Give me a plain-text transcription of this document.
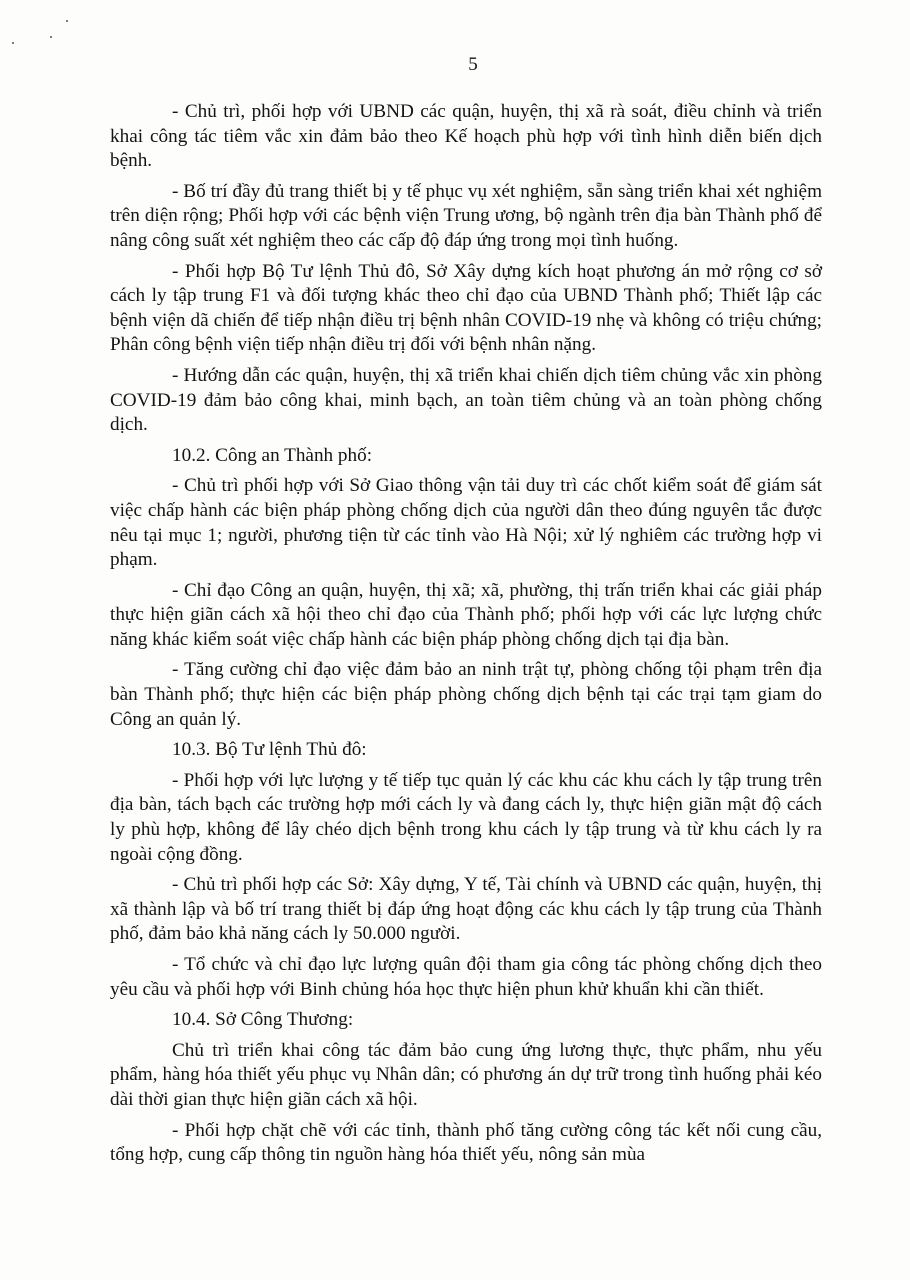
5

- Chủ trì, phối hợp với UBND các quận, huyện, thị xã rà soát, điều chỉnh và triển khai công tác tiêm vắc xin đảm bảo theo Kế hoạch phù hợp với tình hình diễn biến dịch bệnh.

- Bố trí đầy đủ trang thiết bị y tế phục vụ xét nghiệm, sẵn sàng triển khai xét nghiệm trên diện rộng; Phối hợp với các bệnh viện Trung ương, bộ ngành trên địa bàn Thành phố để nâng công suất xét nghiệm theo các cấp độ đáp ứng trong mọi tình huống.

- Phối hợp Bộ Tư lệnh Thủ đô, Sở Xây dựng kích hoạt phương án mở rộng cơ sở cách ly tập trung F1 và đối tượng khác theo chỉ đạo của UBND Thành phố; Thiết lập các bệnh viện dã chiến để tiếp nhận điều trị bệnh nhân COVID-19 nhẹ và không có triệu chứng; Phân công bệnh viện tiếp nhận điều trị đối với bệnh nhân nặng.

- Hướng dẫn các quận, huyện, thị xã triển khai chiến dịch tiêm chủng vắc xin phòng COVID-19 đảm bảo công khai, minh bạch, an toàn tiêm chủng và an toàn phòng chống dịch.

10.2. Công an Thành phố:

- Chủ trì phối hợp với Sở Giao thông vận tải duy trì các chốt kiểm soát để giám sát việc chấp hành các biện pháp phòng chống dịch của người dân theo đúng nguyên tắc được nêu tại mục 1; người, phương tiện từ các tỉnh vào Hà Nội; xử lý nghiêm các trường hợp vi phạm.

- Chỉ đạo Công an quận, huyện, thị xã; xã, phường, thị trấn triển khai các giải pháp thực hiện giãn cách xã hội theo chỉ đạo của Thành phố; phối hợp với các lực lượng chức năng khác kiểm soát việc chấp hành các biện pháp phòng chống dịch tại địa bàn.

- Tăng cường chỉ đạo việc đảm bảo an ninh trật tự, phòng chống tội phạm trên địa bàn Thành phố; thực hiện các biện pháp phòng chống dịch bệnh tại các trại tạm giam do Công an quản lý.

10.3. Bộ Tư lệnh Thủ đô:

- Phối hợp với lực lượng y tế tiếp tục quản lý các khu các khu cách ly tập trung trên địa bàn, tách bạch các trường hợp mới cách ly và đang cách ly, thực hiện giãn mật độ cách ly phù hợp, không để lây chéo dịch bệnh trong khu cách ly tập trung và từ khu cách ly ra ngoài cộng đồng.

- Chủ trì phối hợp các Sở: Xây dựng, Y tế, Tài chính và UBND các quận, huyện, thị xã thành lập và bố trí trang thiết bị đáp ứng hoạt động các khu cách ly tập trung của Thành phố, đảm bảo khả năng cách ly 50.000 người.

- Tổ chức và chỉ đạo lực lượng quân đội tham gia công tác phòng chống dịch theo yêu cầu và phối hợp với Binh chủng hóa học thực hiện phun khử khuẩn khi cần thiết.

10.4. Sở Công Thương:

Chủ trì triển khai công tác đảm bảo cung ứng lương thực, thực phẩm, nhu yếu phẩm, hàng hóa thiết yếu phục vụ Nhân dân; có phương án dự trữ trong tình huống phải kéo dài thời gian thực hiện giãn cách xã hội.

- Phối hợp chặt chẽ với các tỉnh, thành phố tăng cường công tác kết nối cung cầu, tổng hợp, cung cấp thông tin nguồn hàng hóa thiết yếu, nông sản mùa
